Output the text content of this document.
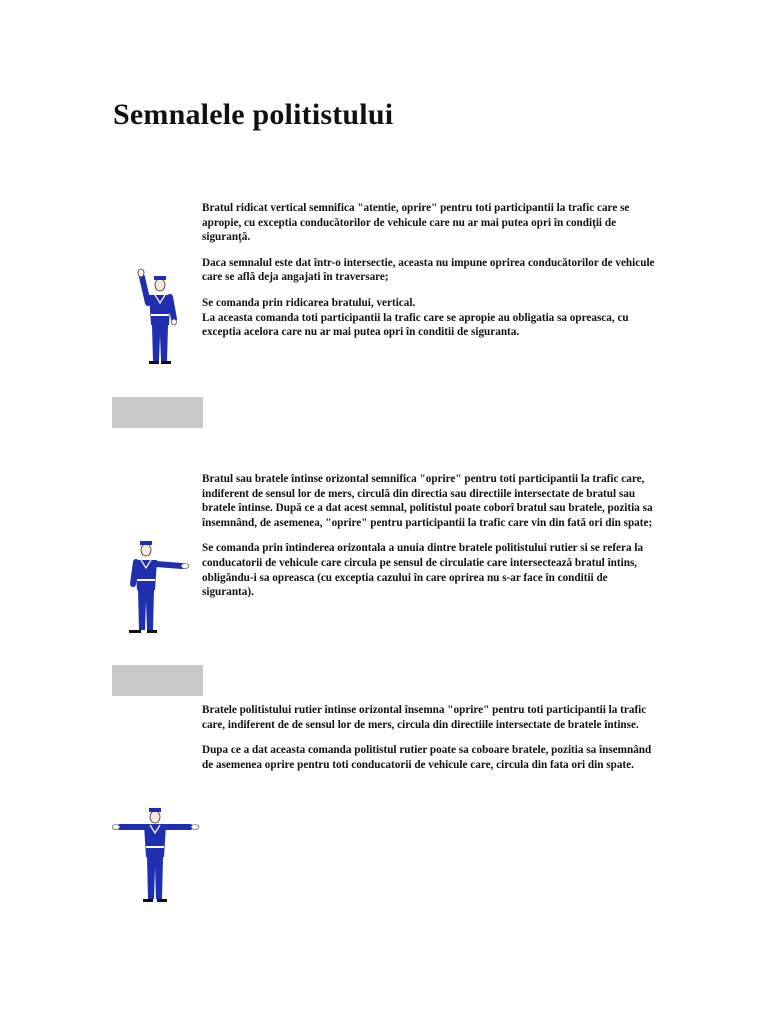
Semnalele politistului

Bratul ridicat vertical semnifica "atentie, oprire" pentru toti participantii la trafic care se apropie, cu exceptia conducătorilor de vehicule care nu ar mai putea opri în condiţii de siguranţă.

Daca semnalul este dat într-o intersectie, aceasta nu impune oprirea conducătorilor de vehicule care se află deja angajati în traversare;

Se comanda prin ridicarea bratului, vertical.
La aceasta comanda toti participantii la trafic care se apropie au obligatia sa opreasca, cu exceptia acelora care nu ar mai putea opri în conditii de siguranta.

Bratul sau bratele întinse orizontal semnifica "oprire" pentru toti participantii la trafic care, indiferent de sensul lor de mers, circulă din directia sau directiile intersectate de bratul sau bratele întinse. După ce a dat acest semnal, politistul poate coborî bratul sau bratele, pozitia sa însemnând, de asemenea, "oprire" pentru participantii la trafic care vin din fată ori din spate;

Se comanda prin întinderea orizontala a unuia dintre bratele politistului rutier si se refera la conducatorii de vehicule care circula pe sensul de circulatie care intersectează bratul întins, obligându-i sa opreasca (cu exceptia cazului în care oprirea nu s-ar face în conditii de siguranta).

Bratele politistului rutier întinse orizontal însemna "oprire" pentru toti participantii la trafic care, indiferent de de sensul lor de mers, circula din directiile intersectate de bratele întinse.

Dupa ce a dat aceasta comanda politistul rutier poate sa coboare bratele, pozitia sa însemnând de asemenea oprire pentru toti conducatorii de vehicule care, circula din fata ori din spate.
